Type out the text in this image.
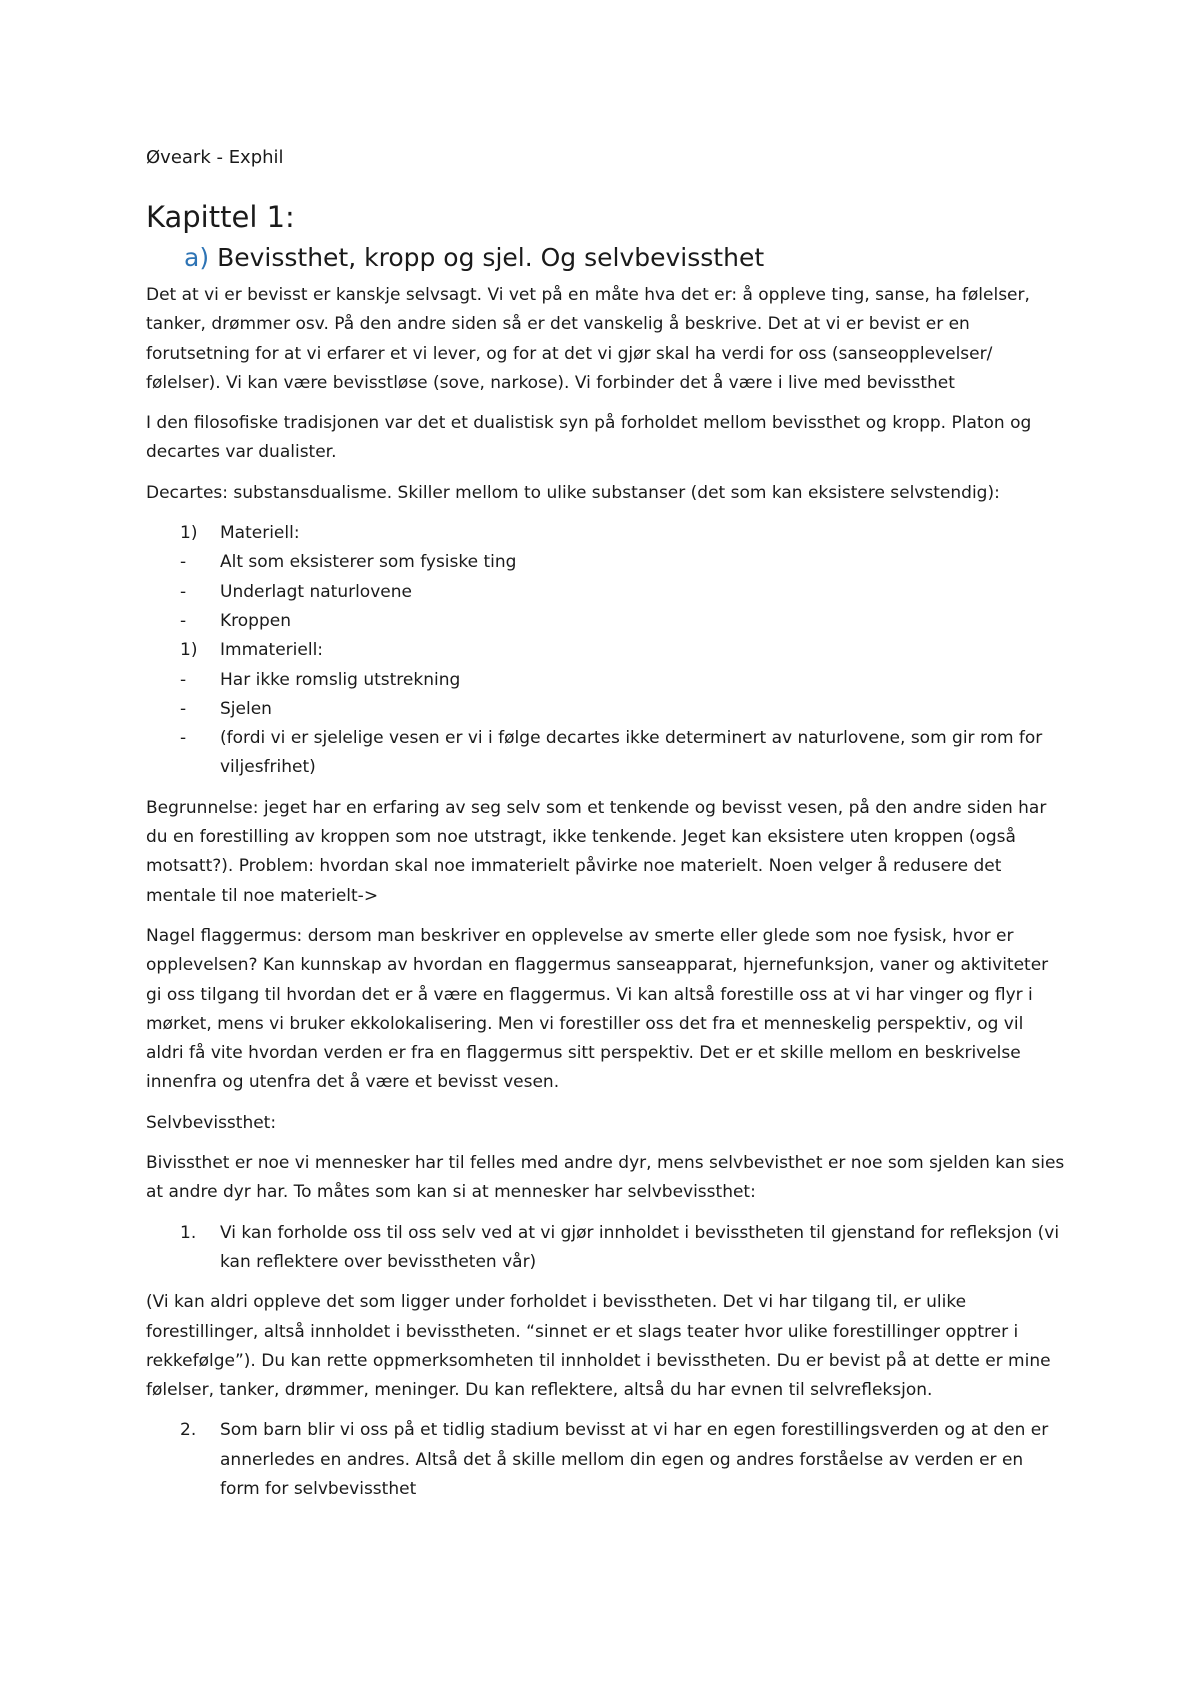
Øveark - Exphil
Kapittel 1:
a) Bevissthet, kropp og sjel. Og selvbevissthet

Det at vi er bevisst er kanskje selvsagt. Vi vet på en måte hva det er: å oppleve ting, sanse, ha følelser, tanker, drømmer osv. På den andre siden så er det vanskelig å beskrive. Det at vi er bevist er en forutsetning for at vi erfarer et vi lever, og for at det vi gjør skal ha verdi for oss (sanseopplevelser/ følelser). Vi kan være bevisstløse (sove, narkose). Vi forbinder det å være i live med bevissthet

I den filosofiske tradisjonen var det et dualistisk syn på forholdet mellom bevissthet og kropp. Platon og decartes var dualister.

Decartes: substansdualisme. Skiller mellom to ulike substanser (det som kan eksistere selvstendig):

1) Materiell:
- Alt som eksisterer som fysiske ting
- Underlagt naturlovene
- Kroppen
1) Immateriell:
- Har ikke romslig utstrekning
- Sjelen
- (fordi vi er sjelelige vesen er vi i følge decartes ikke determinert av naturlovene, som gir rom for viljesfrihet)

Begrunnelse: jeget har en erfaring av seg selv som et tenkende og bevisst vesen, på den andre siden har du en forestilling av kroppen som noe utstragt, ikke tenkende. Jeget kan eksistere uten kroppen (også motsatt?). Problem: hvordan skal noe immaterielt påvirke noe materielt. Noen velger å redusere det mentale til noe materielt->

Nagel flaggermus: dersom man beskriver en opplevelse av smerte eller glede som noe fysisk, hvor er opplevelsen? Kan kunnskap av hvordan en flaggermus sanseapparat, hjernefunksjon, vaner og aktiviteter gi oss tilgang til hvordan det er å være en flaggermus. Vi kan altså forestille oss at vi har vinger og flyr i mørket, mens vi bruker ekkolokalisering. Men vi forestiller oss det fra et menneskelig perspektiv, og vil aldri få vite hvordan verden er fra en flaggermus sitt perspektiv. Det er et skille mellom en beskrivelse innenfra og utenfra det å være et bevisst vesen.

Selvbevissthet:

Bivissthet er noe vi mennesker har til felles med andre dyr, mens selvbevisthet er noe som sjelden kan sies at andre dyr har. To måtes som kan si at mennesker har selvbevissthet:

1. Vi kan forholde oss til oss selv ved at vi gjør innholdet i bevisstheten til gjenstand for refleksjon (vi kan reflektere over bevisstheten vår)

(Vi kan aldri oppleve det som ligger under forholdet i bevisstheten. Det vi har tilgang til, er ulike forestillinger, altså innholdet i bevisstheten. “sinnet er et slags teater hvor ulike forestillinger opptrer i rekkefølge”). Du kan rette oppmerksomheten til innholdet i bevisstheten. Du er bevist på at dette er mine følelser, tanker, drømmer, meninger. Du kan reflektere, altså du har evnen til selvrefleksjon.

2. Som barn blir vi oss på et tidlig stadium bevisst at vi har en egen forestillingsverden og at den er annerledes en andres. Altså det å skille mellom din egen og andres forståelse av verden er en form for selvbevissthet
